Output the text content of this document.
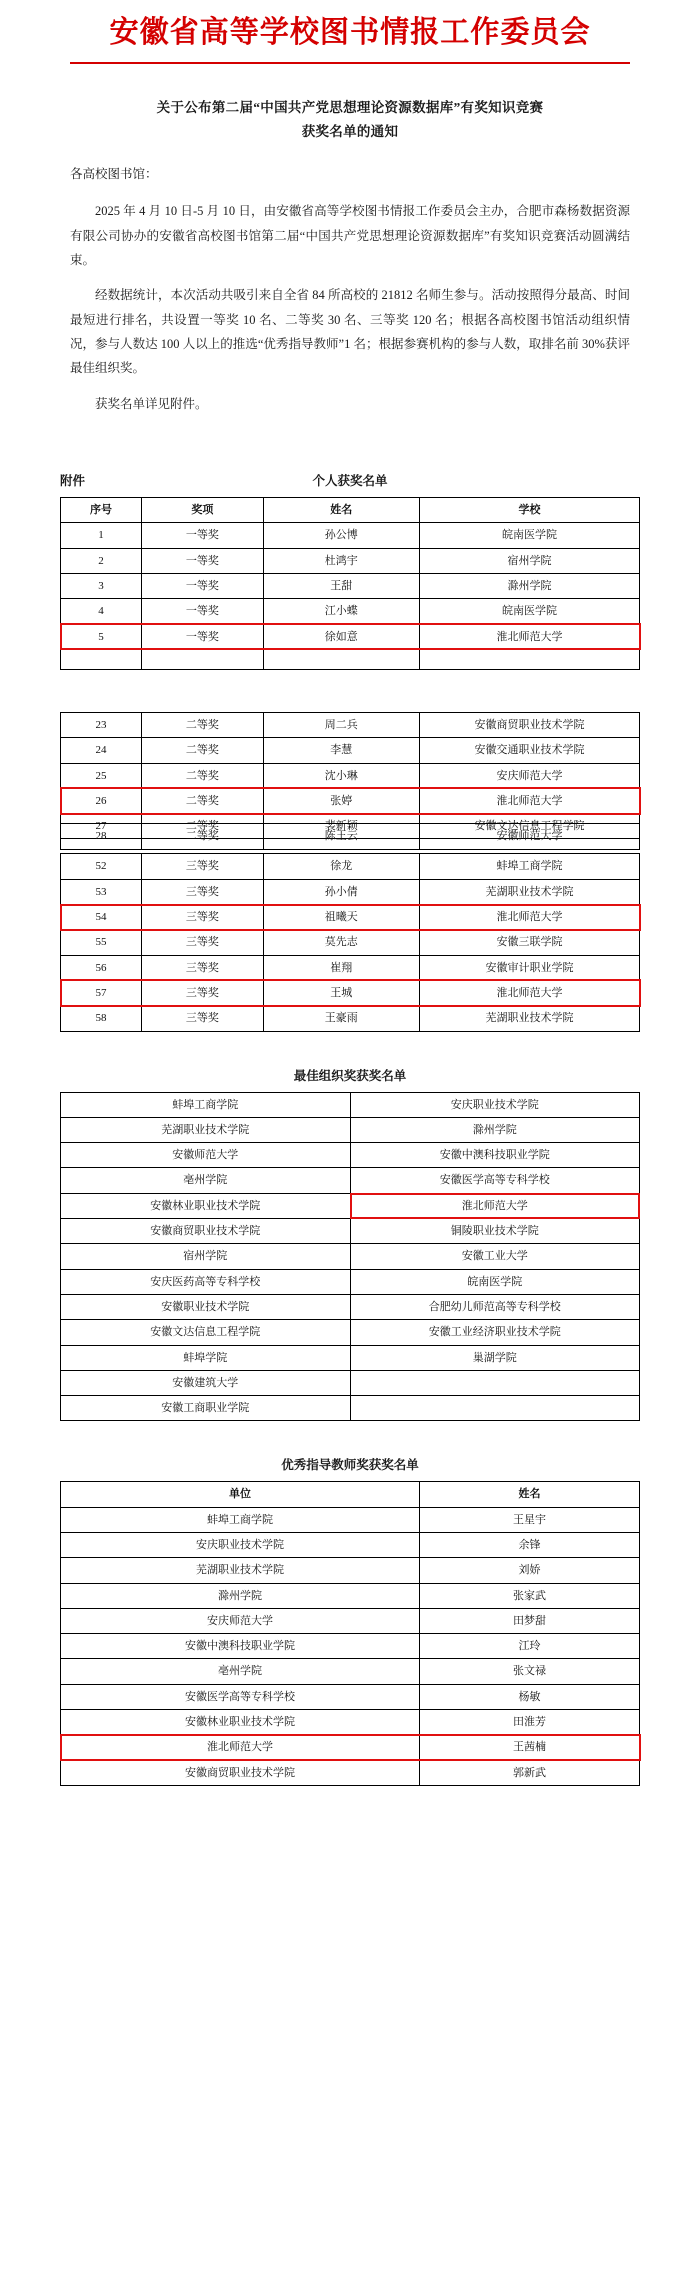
安徽省高等学校图书情报工作委员会
关于公布第二届“中国共产党思想理论资源数据库”有奖知识竞赛
获奖名单的通知
各高校图书馆：

2025 年 4 月 10 日-5 月 10 日，由安徽省高等学校图书情报工作委员会主办，合肥市森杨数据资源有限公司协办的安徽省高校图书馆第二届“中国共产党思想理论资源数据库”有奖知识竞赛活动圆满结束。

经数据统计，本次活动共吸引来自全省 84 所高校的 21812 名师生参与。活动按照得分最高、时间最短进行排名，共设置一等奖 10 名、二等奖 30 名、三等奖 120 名；根据各高校图书馆活动组织情况，参与人数达 100 人以上的推选“优秀指导教师”1 名；根据参赛机构的参与人数，取排名前 30%获评最佳组织奖。

获奖名单详见附件。

附件	个人获奖名单
序号	奖项	姓名	学校
1	一等奖	孙公博	皖南医学院
2	一等奖	杜鸿宇	宿州学院
3	一等奖	王甜	滁州学院
4	一等奖	江小蝶	皖南医学院
5	一等奖	徐如意	淮北师范大学

23	二等奖	周二兵	安徽商贸职业技术学院
24	二等奖	李慧	安徽交通职业技术学院
25	二等奖	沈小琳	安庆师范大学
26	二等奖	张婷	淮北师范大学
27	二等奖	裴新颖	安徽文达信息工程学院
28	二等奖	陈王云	安徽师范大学
52	三等奖	徐龙	蚌埠工商学院
53	三等奖	孙小倩	芜湖职业技术学院
54	三等奖	祖曦天	淮北师范大学
55	三等奖	莫先志	安徽三联学院
56	三等奖	崔翔	安徽审计职业学院
57	三等奖	王城	淮北师范大学
58	三等奖	王豪雨	芜湖职业技术学院
最佳组织奖获奖名单
蚌埠工商学院	安庆职业技术学院
芜湖职业技术学院	滁州学院
安徽师范大学	安徽中澳科技职业学院
亳州学院	安徽医学高等专科学校
安徽林业职业技术学院	淮北师范大学
安徽商贸职业技术学院	铜陵职业技术学院
宿州学院	安徽工业大学
安庆医药高等专科学校	皖南医学院
安徽职业技术学院	合肥幼儿师范高等专科学校
安徽文达信息工程学院	安徽工业经济职业技术学院
蚌埠学院	巢湖学院
安徽建筑大学	
安徽工商职业学院	
优秀指导教师奖获奖名单
单位	姓名
蚌埠工商学院	王星宇
安庆职业技术学院	余锋
芜湖职业技术学院	刘娇
滁州学院	张家武
安庆师范大学	田梦甜
安徽中澳科技职业学院	江玲
亳州学院	张文禄
安徽医学高等专科学校	杨敏
安徽林业职业技术学院	田淮芳
淮北师范大学	王茜楠
安徽商贸职业技术学院	郭新武
